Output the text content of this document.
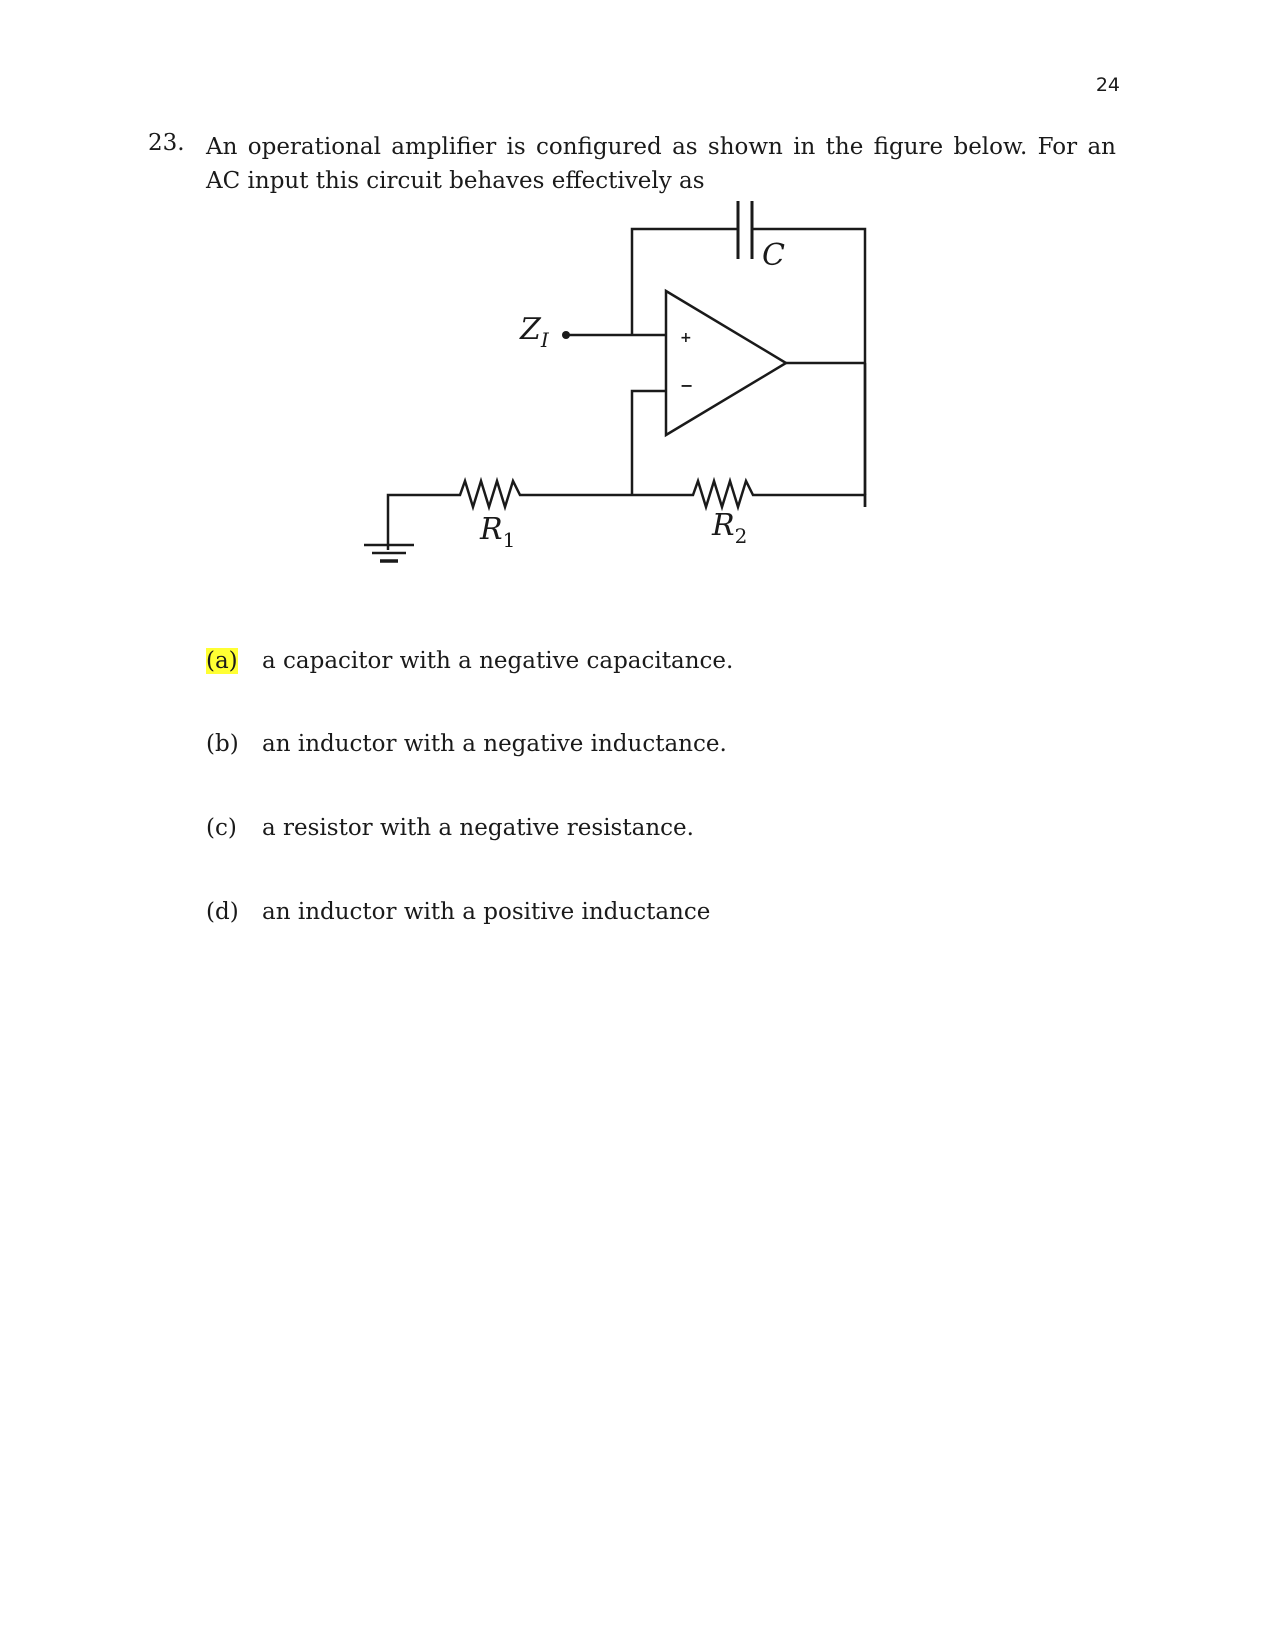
24
23. An operational amplifier is configured as shown in the figure below. For an AC input this circuit behaves effectively as
C
+
−
ZI
R1	R2
(a) a capacitor with a negative capacitance.
(b) an inductor with a negative inductance.
(c) a resistor with a negative resistance.
(d) an inductor with a positive inductance
